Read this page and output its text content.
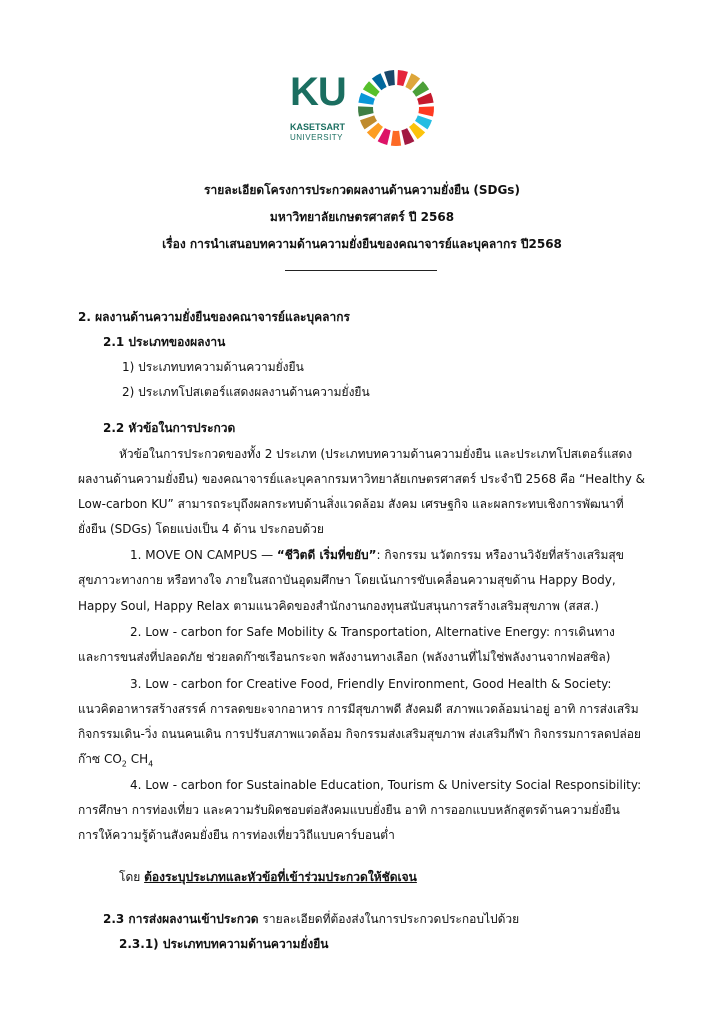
KU
KASETSART
UNIVERSITY
รายละเอียดโครงการประกวดผลงานด้านความยั่งยืน (SDGs)
มหาวิทยาลัยเกษตรศาสตร์ ปี 2568
เรื่อง การนำเสนอบทความด้านความยั่งยืนของคณาจารย์และบุคลากร ปี2568
2. ผลงานด้านความยั่งยืนของคณาจารย์และบุคลากร
2.1 ประเภทของผลงาน
1) ประเภทบทความด้านความยั่งยืน
2) ประเภทโปสเตอร์แสดงผลงานด้านความยั่งยืน
2.2 หัวข้อในการประกวด
หัวข้อในการประกวดของทั้ง 2 ประเภท (ประเภทบทความด้านความยั่งยืน และประเภทโปสเตอร์แสดง
ผลงานด้านความยั่งยืน) ของคณาจารย์และบุคลากรมหาวิทยาลัยเกษตรศาสตร์ ประจำปี 2568 คือ “Healthy &
Low-carbon KU” สามารถระบุถึงผลกระทบด้านสิ่งแวดล้อม สังคม เศรษฐกิจ และผลกระทบเชิงการพัฒนาที่
ยั่งยืน (SDGs) โดยแบ่งเป็น 4 ด้าน ประกอบด้วย
1. MOVE ON CAMPUS — “ชีวิตดี เริ่มที่ขยับ”: กิจกรรม นวัตกรรม หรืองานวิจัยที่สร้างเสริมสุข
สุขภาวะทางกาย หรือทางใจ ภายในสถาบันอุดมศึกษา โดยเน้นการขับเคลื่อนความสุขด้าน Happy Body,
Happy Soul, Happy Relax ตามแนวคิดของสำนักงานกองทุนสนับสนุนการสร้างเสริมสุขภาพ (สสส.)
2. Low - carbon for Safe Mobility & Transportation, Alternative Energy: การเดินทาง
และการขนส่งที่ปลอดภัย ช่วยลดก๊าซเรือนกระจก พลังงานทางเลือก (พลังงานที่ไม่ใช่พลังงานจากฟอสซิล)
3. Low - carbon for Creative Food, Friendly Environment, Good Health & Society:
แนวคิดอาหารสร้างสรรค์ การลดขยะจากอาหาร การมีสุขภาพดี สังคมดี สภาพแวดล้อมน่าอยู่ อาทิ การส่งเสริม
กิจกรรมเดิน-วิ่ง ถนนคนเดิน การปรับสภาพแวดล้อม กิจกรรมส่งเสริมสุขภาพ ส่งเสริมกีฬา กิจกรรมการลดปล่อย
ก๊าซ $CO_2$ $CH_4$
4. Low - carbon for Sustainable Education, Tourism & University Social Responsibility:
การศึกษา การท่องเที่ยว และความรับผิดชอบต่อสังคมแบบยั่งยืน อาทิ การออกแบบหลักสูตรด้านความยั่งยืน
การให้ความรู้ด้านสังคมยั่งยืน การท่องเที่ยววิถีแบบคาร์บอนต่ำ
โดย ต้องระบุประเภทและหัวข้อที่เข้าร่วมประกวดให้ชัดเจน
2.3 การส่งผลงานเข้าประกวด รายละเอียดที่ต้องส่งในการประกวดประกอบไปด้วย
2.3.1) ประเภทบทความด้านความยั่งยืน
